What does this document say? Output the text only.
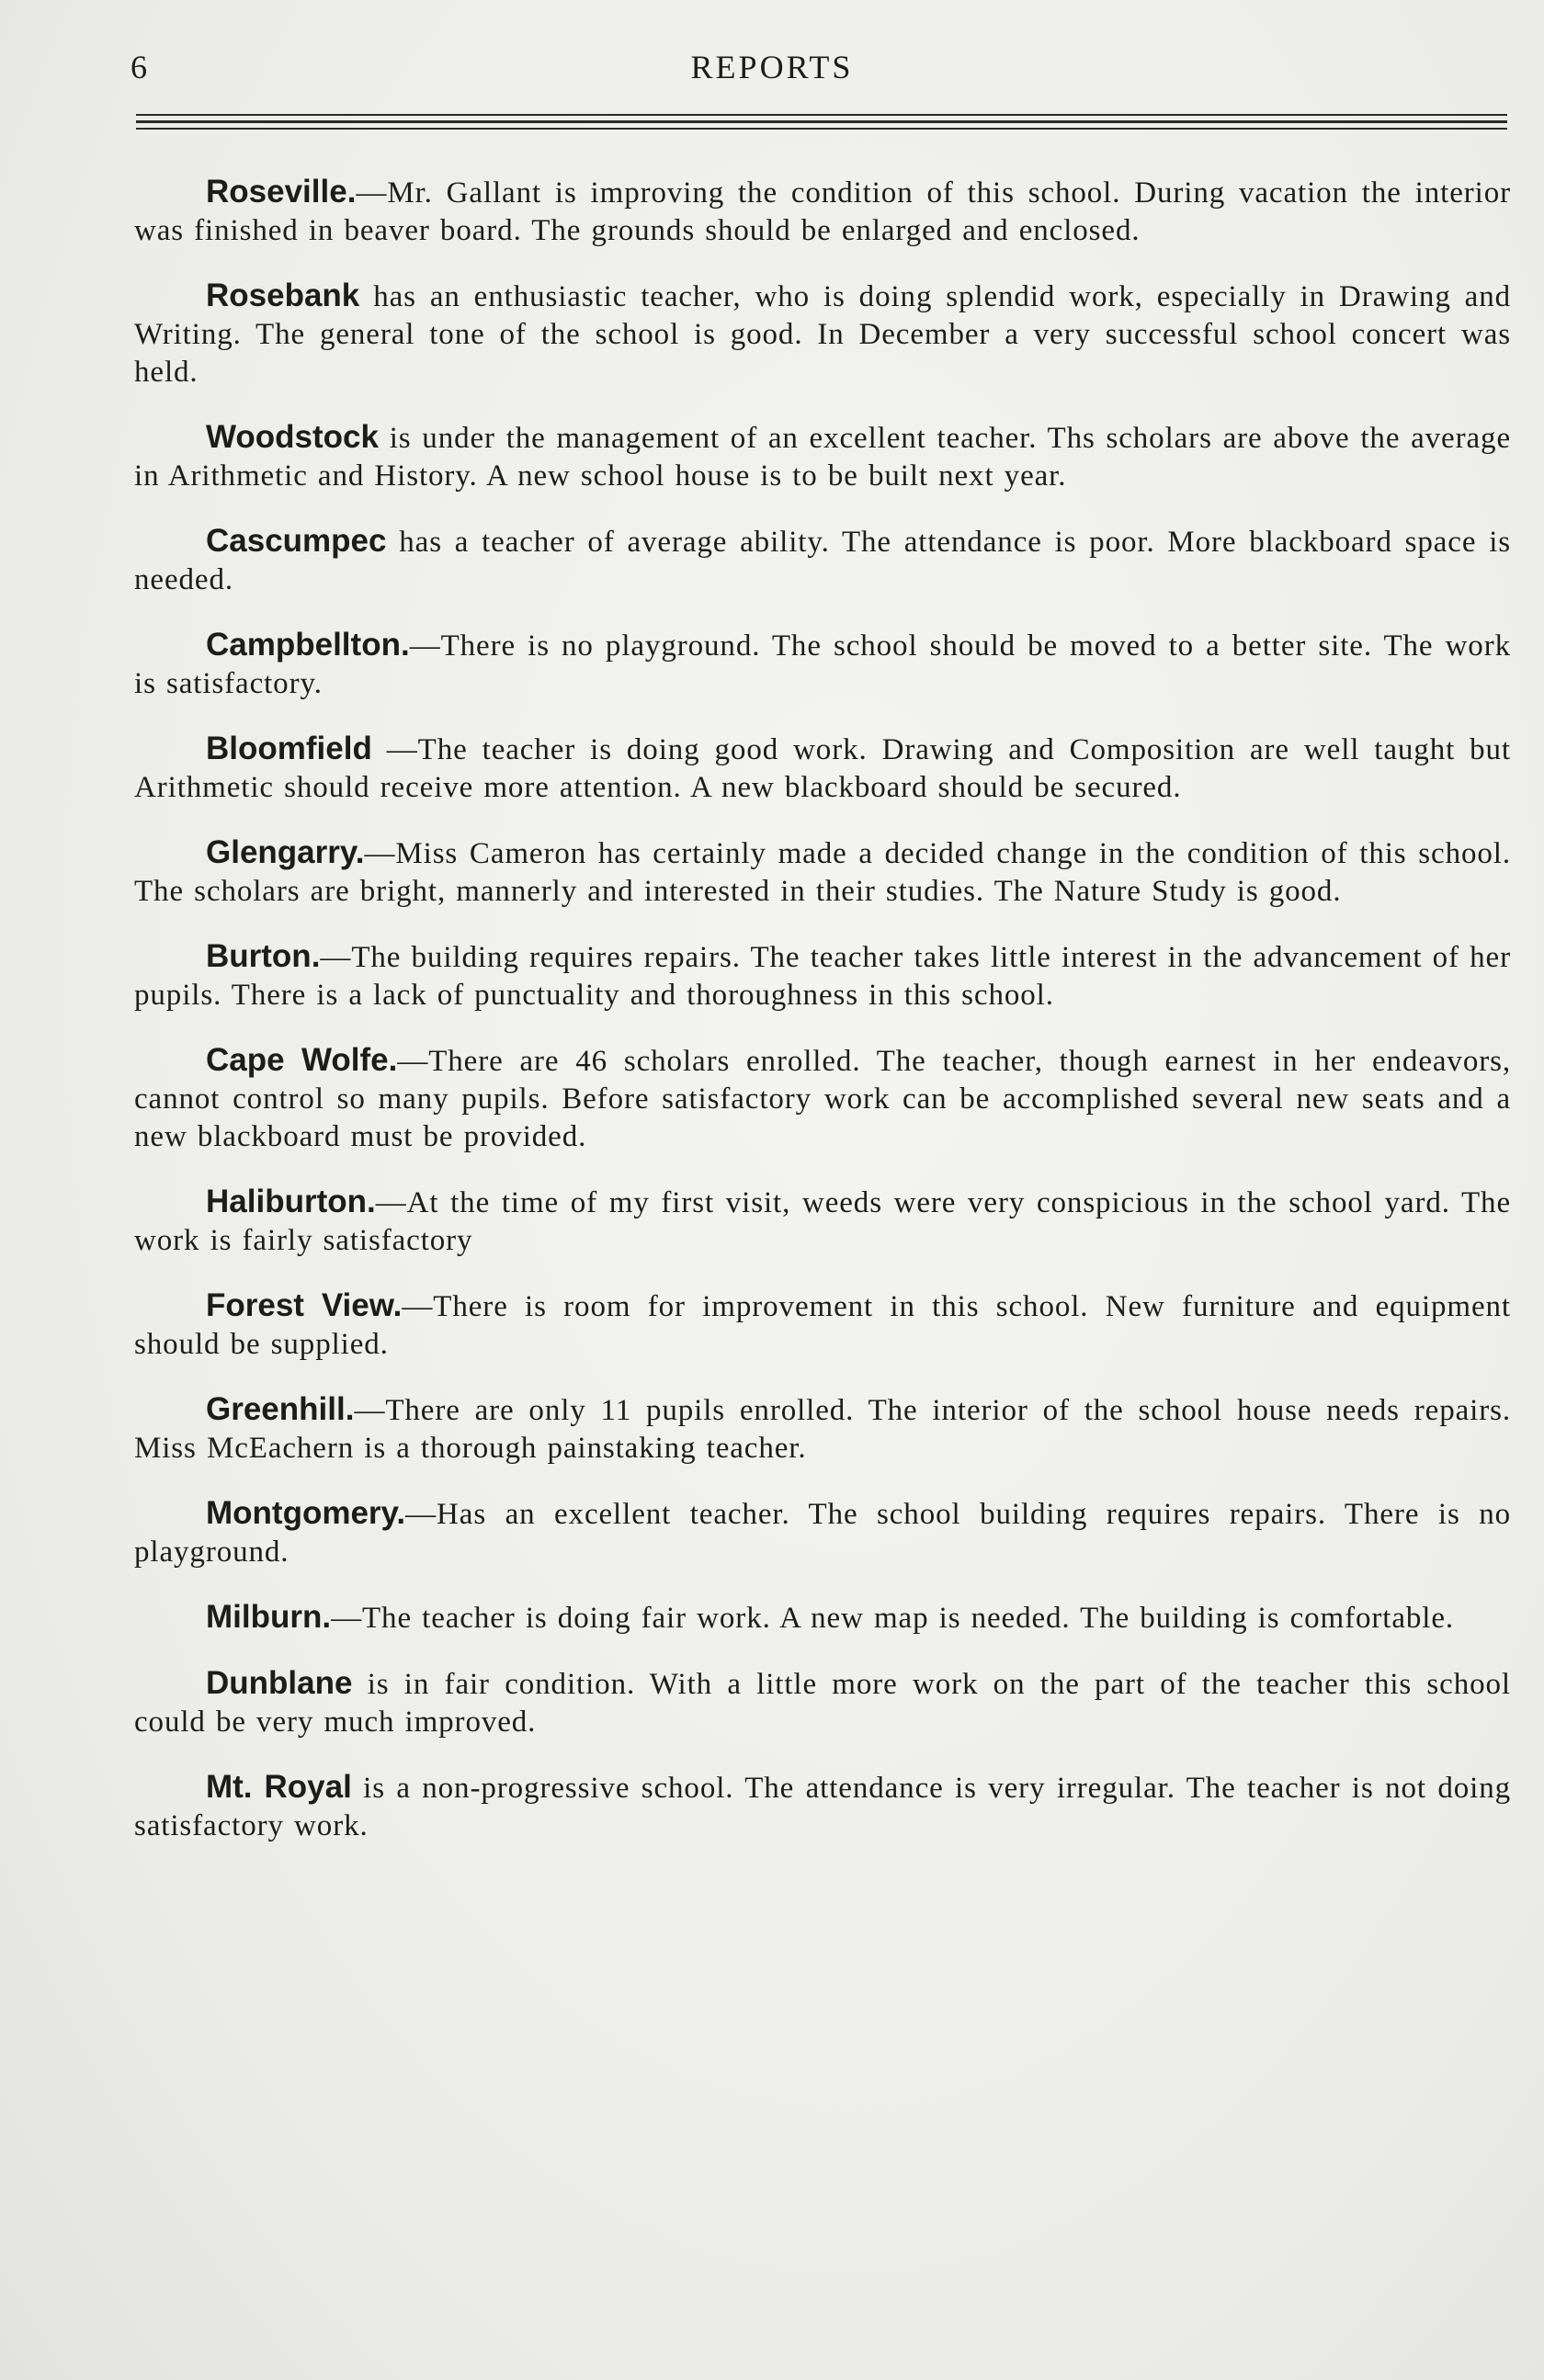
6	REPORTS

Roseville.—Mr. Gallant is improving the condition of this school. During vacation the interior was finished in beaver board. The grounds should be enlarged and enclosed.

Rosebank has an enthusiastic teacher, who is doing splendid work, especially in Drawing and Writing. The general tone of the school is good. In December a very successful school concert was held.

Woodstock is under the management of an excellent teacher. Ths scholars are above the average in Arithmetic and History. A new school house is to be built next year.

Cascumpec has a teacher of average ability. The attendance is poor. More blackboard space is needed.

Campbellton.—There is no playground. The school should be moved to a better site. The work is satisfactory.

Bloomfield —The teacher is doing good work. Drawing and Composition are well taught but Arithmetic should receive more attention. A new blackboard should be secured.

Glengarry.—Miss Cameron has certainly made a decided change in the condition of this school. The scholars are bright, mannerly and interested in their studies. The Nature Study is good.

Burton.—The building requires repairs. The teacher takes little interest in the advancement of her pupils. There is a lack of punctuality and thoroughness in this school.

Cape Wolfe.—There are 46 scholars enrolled. The teacher, though earnest in her endeavors, cannot control so many pupils. Before satisfactory work can be accomplished several new seats and a new blackboard must be provided.

Haliburton.—At the time of my first visit, weeds were very conspicious in the school yard. The work is fairly satisfactory

Forest View.—There is room for improvement in this school. New furniture and equipment should be supplied.

Greenhill.—There are only 11 pupils enrolled. The interior of the school house needs repairs. Miss McEachern is a thorough painstaking teacher.

Montgomery.—Has an excellent teacher. The school building requires repairs. There is no playground.

Milburn.—The teacher is doing fair work. A new map is needed. The building is comfortable.

Dunblane is in fair condition. With a little more work on the part of the teacher this school could be very much improved.

Mt. Royal is a non-progressive school. The attendance is very irregular. The teacher is not doing satisfactory work.
